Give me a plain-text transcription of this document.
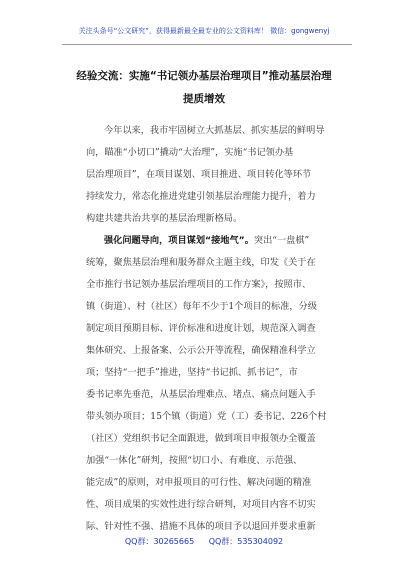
关注头条号“公文研究”，获得最新最全最专业的公文资料库！ 微信：gongwenyj
经验交流：实施“书记领办基层治理项目”推动基层治理
提质增效
今年以来，我市牢固树立大抓基层、抓实基层的鲜明导
向，瞄准“小切口”撬动“大治理”，实施“书记领办基
层治理项目”，在项目谋划、项目推进、项目转化等环节
持续发力，常态化推进党建引领基层治理能力提升，着力
构建共建共治共享的基层治理新格局。
强化问题导向，项目谋划“接地气”。突出“一盘棋”
统筹，聚焦基层治理和服务群众主题主线，印发《关于在
全市推行书记领办基层治理项目的工作方案》，按照市、
镇（街道）、村（社区）每年不少于1个项目的标准，分级
制定项目预期目标、评价标准和进度计划，规范深入调查
集体研究、上报备案、公示公开等流程，确保精准科学立
项；坚持“一把手”推进，坚持“书记抓、抓书记”，市
委书记率先垂范，从基层治理难点、堵点、痛点问题入手
带头领办项目；15个镇（街道）党（工）委书记、226个村
（社区）党组织书记全面跟进，做到项目申报领办全覆盖
加强“一体化”研判，按照“切口小、有难度、示范强、
能完成”的原则，对申报项目的可行性、解决问题的精准
性、项目成果的实效性进行综合研判，对项目内容不切实
际、针对性不强、措施不具体的项目予以退回并要求重新
QQ群：30265665 QQ群：535304092
